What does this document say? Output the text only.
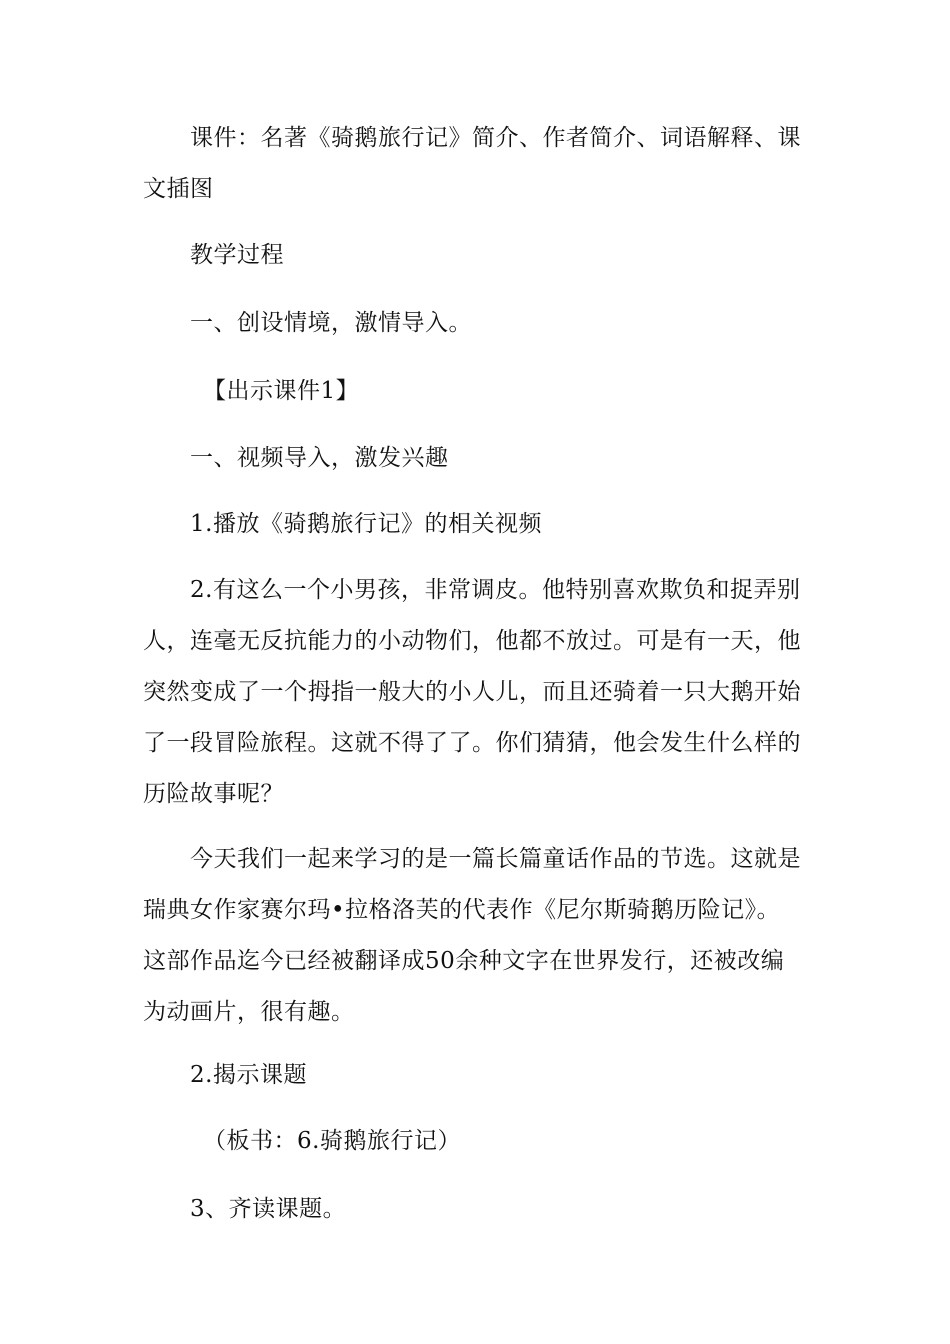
课件：名著《骑鹅旅行记》简介、作者简介、词语解释、课文插图

教学过程

一、创设情境，激情导入。

【出示课件1】

一、视频导入，激发兴趣

1.播放《骑鹅旅行记》的相关视频

2.有这么一个小男孩，非常调皮。他特别喜欢欺负和捉弄别人，连毫无反抗能力的小动物们，他都不放过。可是有一天，他突然变成了一个拇指一般大的小人儿，而且还骑着一只大鹅开始了一段冒险旅程。这就不得了了。你们猜猜，他会发生什么样的历险故事呢？

今天我们一起来学习的是一篇长篇童话作品的节选。这就是瑞典女作家赛尔玛•拉格洛芙的代表作《尼尔斯骑鹅历险记》。这部作品迄今已经被翻译成50余种文字在世界发行，还被改编为动画片，很有趣。

2.揭示课题

（板书：6.骑鹅旅行记）

3、齐读课题。
